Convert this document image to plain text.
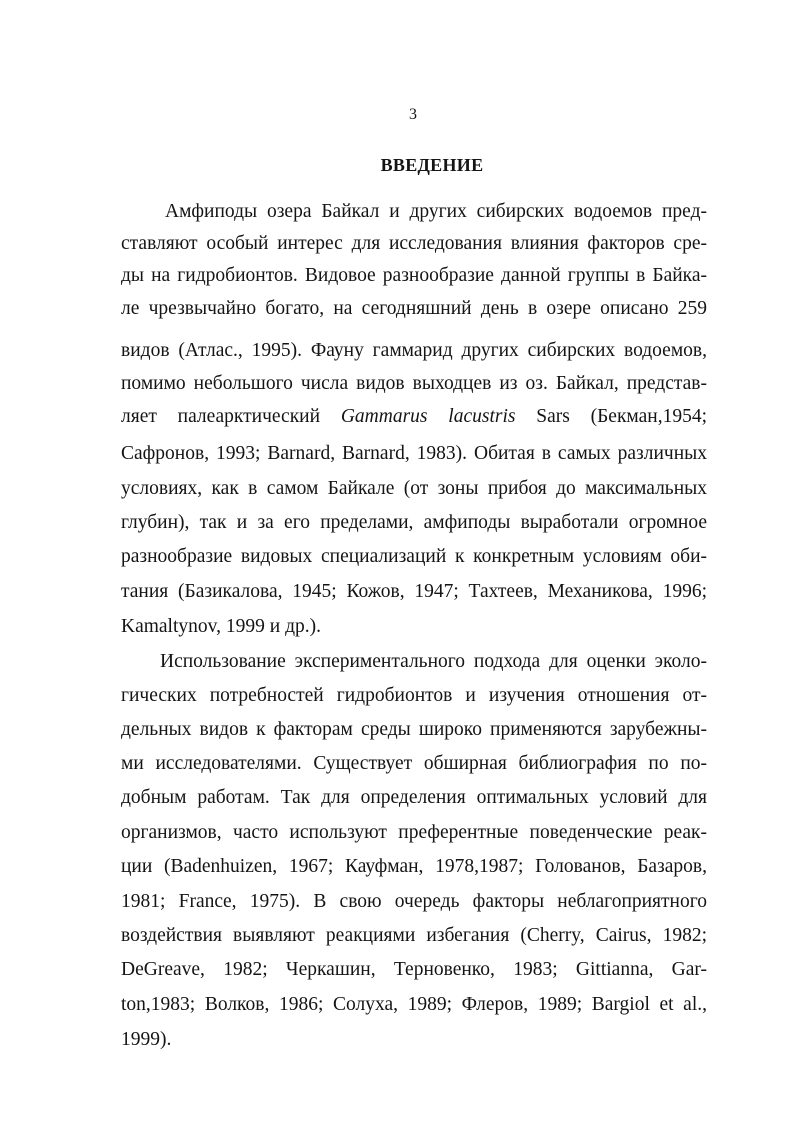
3
ВВЕДЕНИЕ
Амфиподы озера Байкал и других сибирских водоемов пред-
ставляют особый интерес для исследования влияния факторов сре-
ды на гидробионтов. Видовое разнообразие данной группы в Байка-
ле чрезвычайно богато, на сегодняшний день в озере описано 259
видов (Атлас., 1995). Фауну гаммарид других сибирских водоемов,
помимо небольшого числа видов выходцев из оз. Байкал, представ-
ляет палеарктический Gammarus lacustris Sars (Бекман,1954;
Сафронов, 1993; Barnard, Barnard, 1983). Обитая в самых различных
условиях, как в самом Байкале (от зоны прибоя до максимальных
глубин), так и за его пределами, амфиподы выработали огромное
разнообразие видовых специализаций к конкретным условиям оби-
тания (Базикалова, 1945; Кожов, 1947; Тахтеев, Механикова, 1996;
Kamaltynov, 1999 и др.).
Использование экспериментального подхода для оценки эколо-
гических потребностей гидробионтов и изучения отношения от-
дельных видов к факторам среды широко применяются зарубежны-
ми исследователями. Существует обширная библиография по по-
добным работам. Так для определения оптимальных условий для
организмов, часто используют преферентные поведенческие реак-
ции (Badenhuizen, 1967; Кауфман, 1978,1987; Голованов, Базаров,
1981; France, 1975). В свою очередь факторы неблагоприятного
воздействия выявляют реакциями избегания (Cherry, Cairus, 1982;
DeGreave, 1982; Черкашин, Терновенко, 1983; Gittianna, Gar-
ton,1983; Волков, 1986; Солуха, 1989; Флеров, 1989; Bargiol et al.,
1999).
